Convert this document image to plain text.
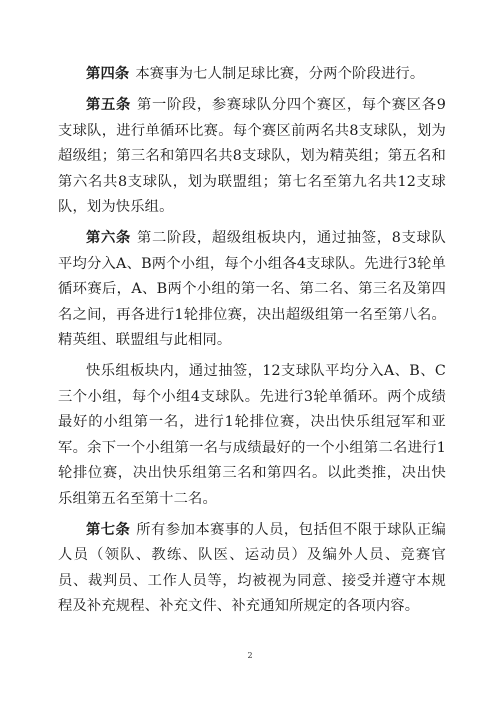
第四条 本赛事为七人制足球比赛，分两个阶段进行。

第五条 第一阶段，参赛球队分四个赛区，每个赛区各9支球队，进行单循环比赛。每个赛区前两名共8支球队，划为超级组；第三名和第四名共8支球队，划为精英组；第五名和第六名共8支球队，划为联盟组；第七名至第九名共12支球队，划为快乐组。

第六条 第二阶段，超级组板块内，通过抽签，8支球队平均分入A、B两个小组，每个小组各4支球队。先进行3轮单循环赛后，A、B两个小组的第一名、第二名、第三名及第四名之间，再各进行1轮排位赛，决出超级组第一名至第八名。精英组、联盟组与此相同。

快乐组板块内，通过抽签，12支球队平均分入A、B、C三个小组，每个小组4支球队。先进行3轮单循环。两个成绩最好的小组第一名，进行1轮排位赛，决出快乐组冠军和亚军。余下一个小组第一名与成绩最好的一个小组第二名进行1轮排位赛，决出快乐组第三名和第四名。以此类推，决出快乐组第五名至第十二名。

第七条 所有参加本赛事的人员，包括但不限于球队正编人员（领队、教练、队医、运动员）及编外人员、竞赛官员、裁判员、工作人员等，均被视为同意、接受并遵守本规程及补充规程、补充文件、补充通知所规定的各项内容。

2
